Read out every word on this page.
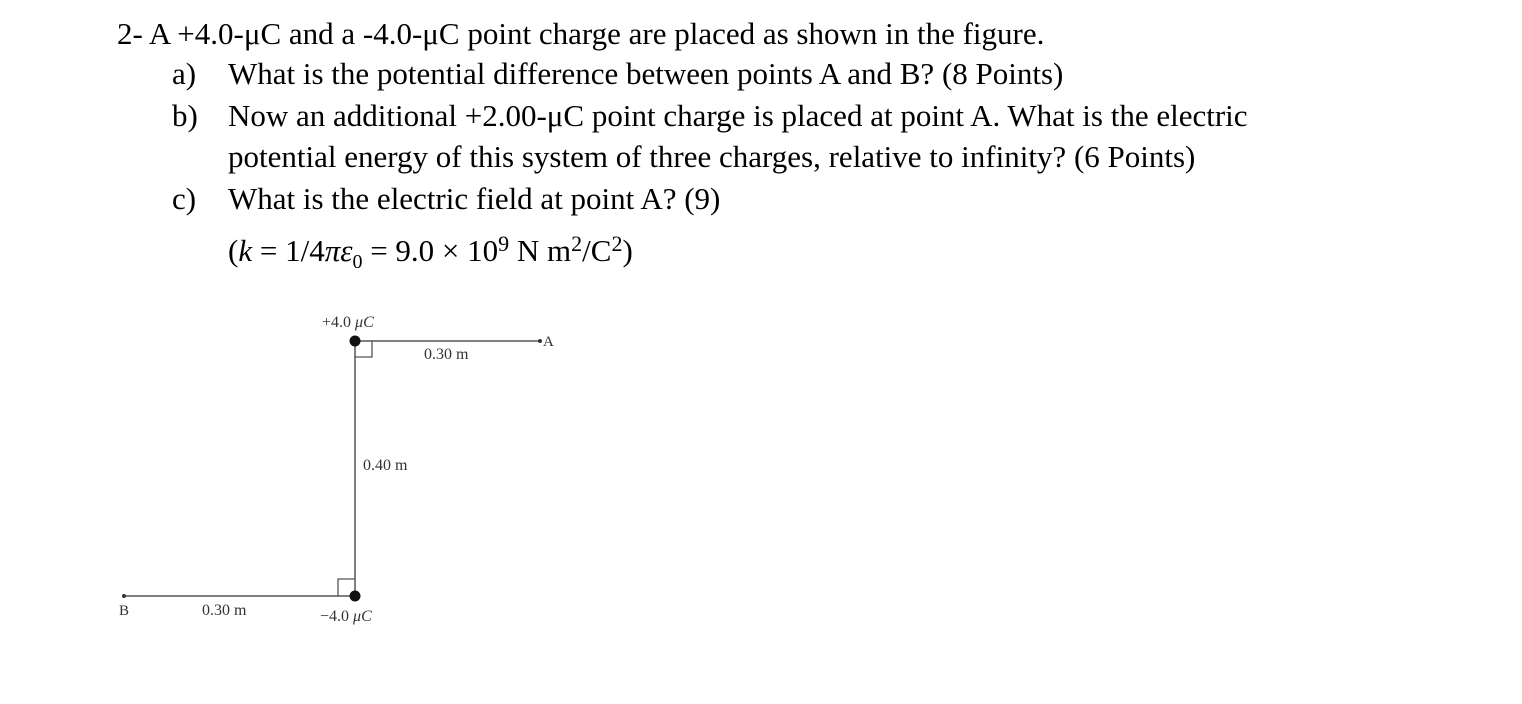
2- A +4.0-μC and a -4.0-μC point charge are placed as shown in the figure.
a) What is the potential difference between points A and B? (8 Points)
b) Now an additional +2.00-μC point charge is placed at point A. What is the electric
potential energy of this system of three charges, relative to infinity? (6 Points)
c) What is the electric field at point A? (9)
($k = 1/4\pi\varepsilon_0 = 9.0 \times 10^9$ N $m^2/C^2$)
+4.0 μC
0.30 m
A
0.40 m
B	0.30 m	−4.0 μC
